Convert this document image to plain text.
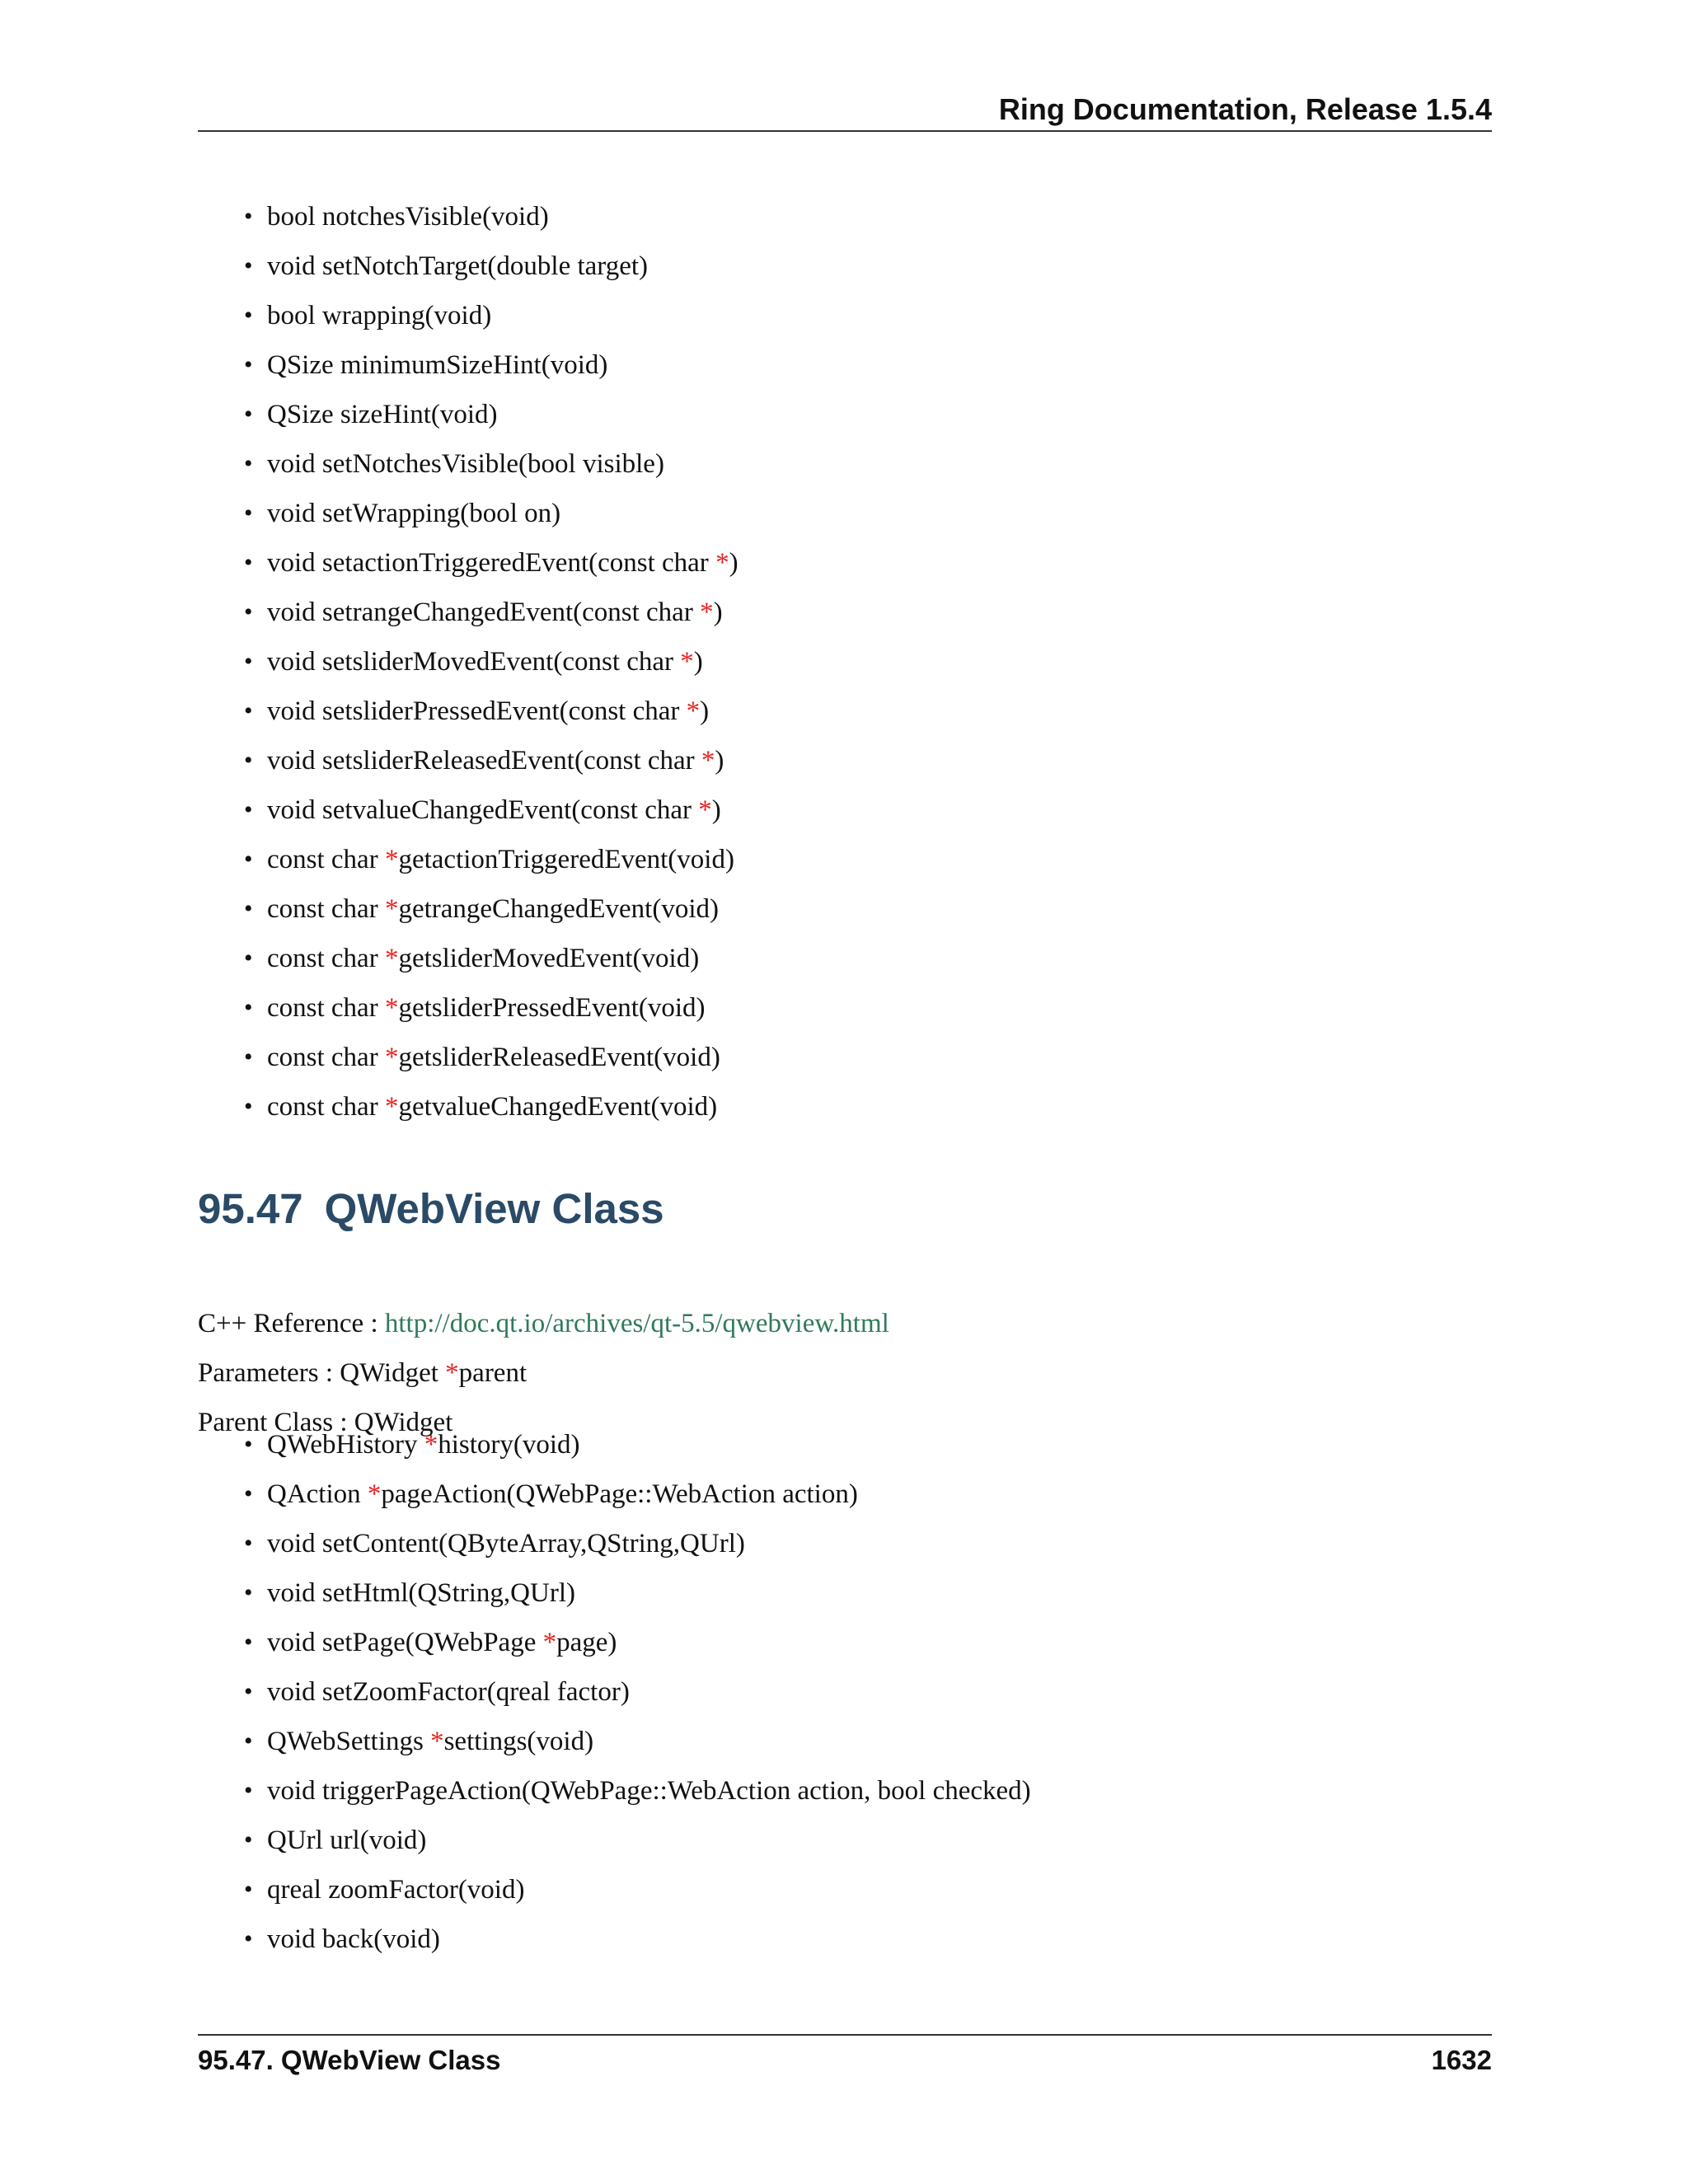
Ring Documentation, Release 1.5.4
• bool notchesVisible(void)
• void setNotchTarget(double target)
• bool wrapping(void)
• QSize minimumSizeHint(void)
• QSize sizeHint(void)
• void setNotchesVisible(bool visible)
• void setWrapping(bool on)
• void setactionTriggeredEvent(const char *)
• void setrangeChangedEvent(const char *)
• void setsliderMovedEvent(const char *)
• void setsliderPressedEvent(const char *)
• void setsliderReleasedEvent(const char *)
• void setvalueChangedEvent(const char *)
• const char *getactionTriggeredEvent(void)
• const char *getrangeChangedEvent(void)
• const char *getsliderMovedEvent(void)
• const char *getsliderPressedEvent(void)
• const char *getsliderReleasedEvent(void)
• const char *getvalueChangedEvent(void)
95.47 QWebView Class

C++ Reference : http://doc.qt.io/archives/qt-5.5/qwebview.html

Parameters : QWidget *parent

Parent Class : QWidget

• QWebHistory *history(void)
• QAction *pageAction(QWebPage::WebAction action)
• void setContent(QByteArray,QString,QUrl)
• void setHtml(QString,QUrl)
• void setPage(QWebPage *page)
• void setZoomFactor(qreal factor)
• QWebSettings *settings(void)
• void triggerPageAction(QWebPage::WebAction action, bool checked)
• QUrl url(void)
• qreal zoomFactor(void)
• void back(void)
95.47. QWebView Class	1632
